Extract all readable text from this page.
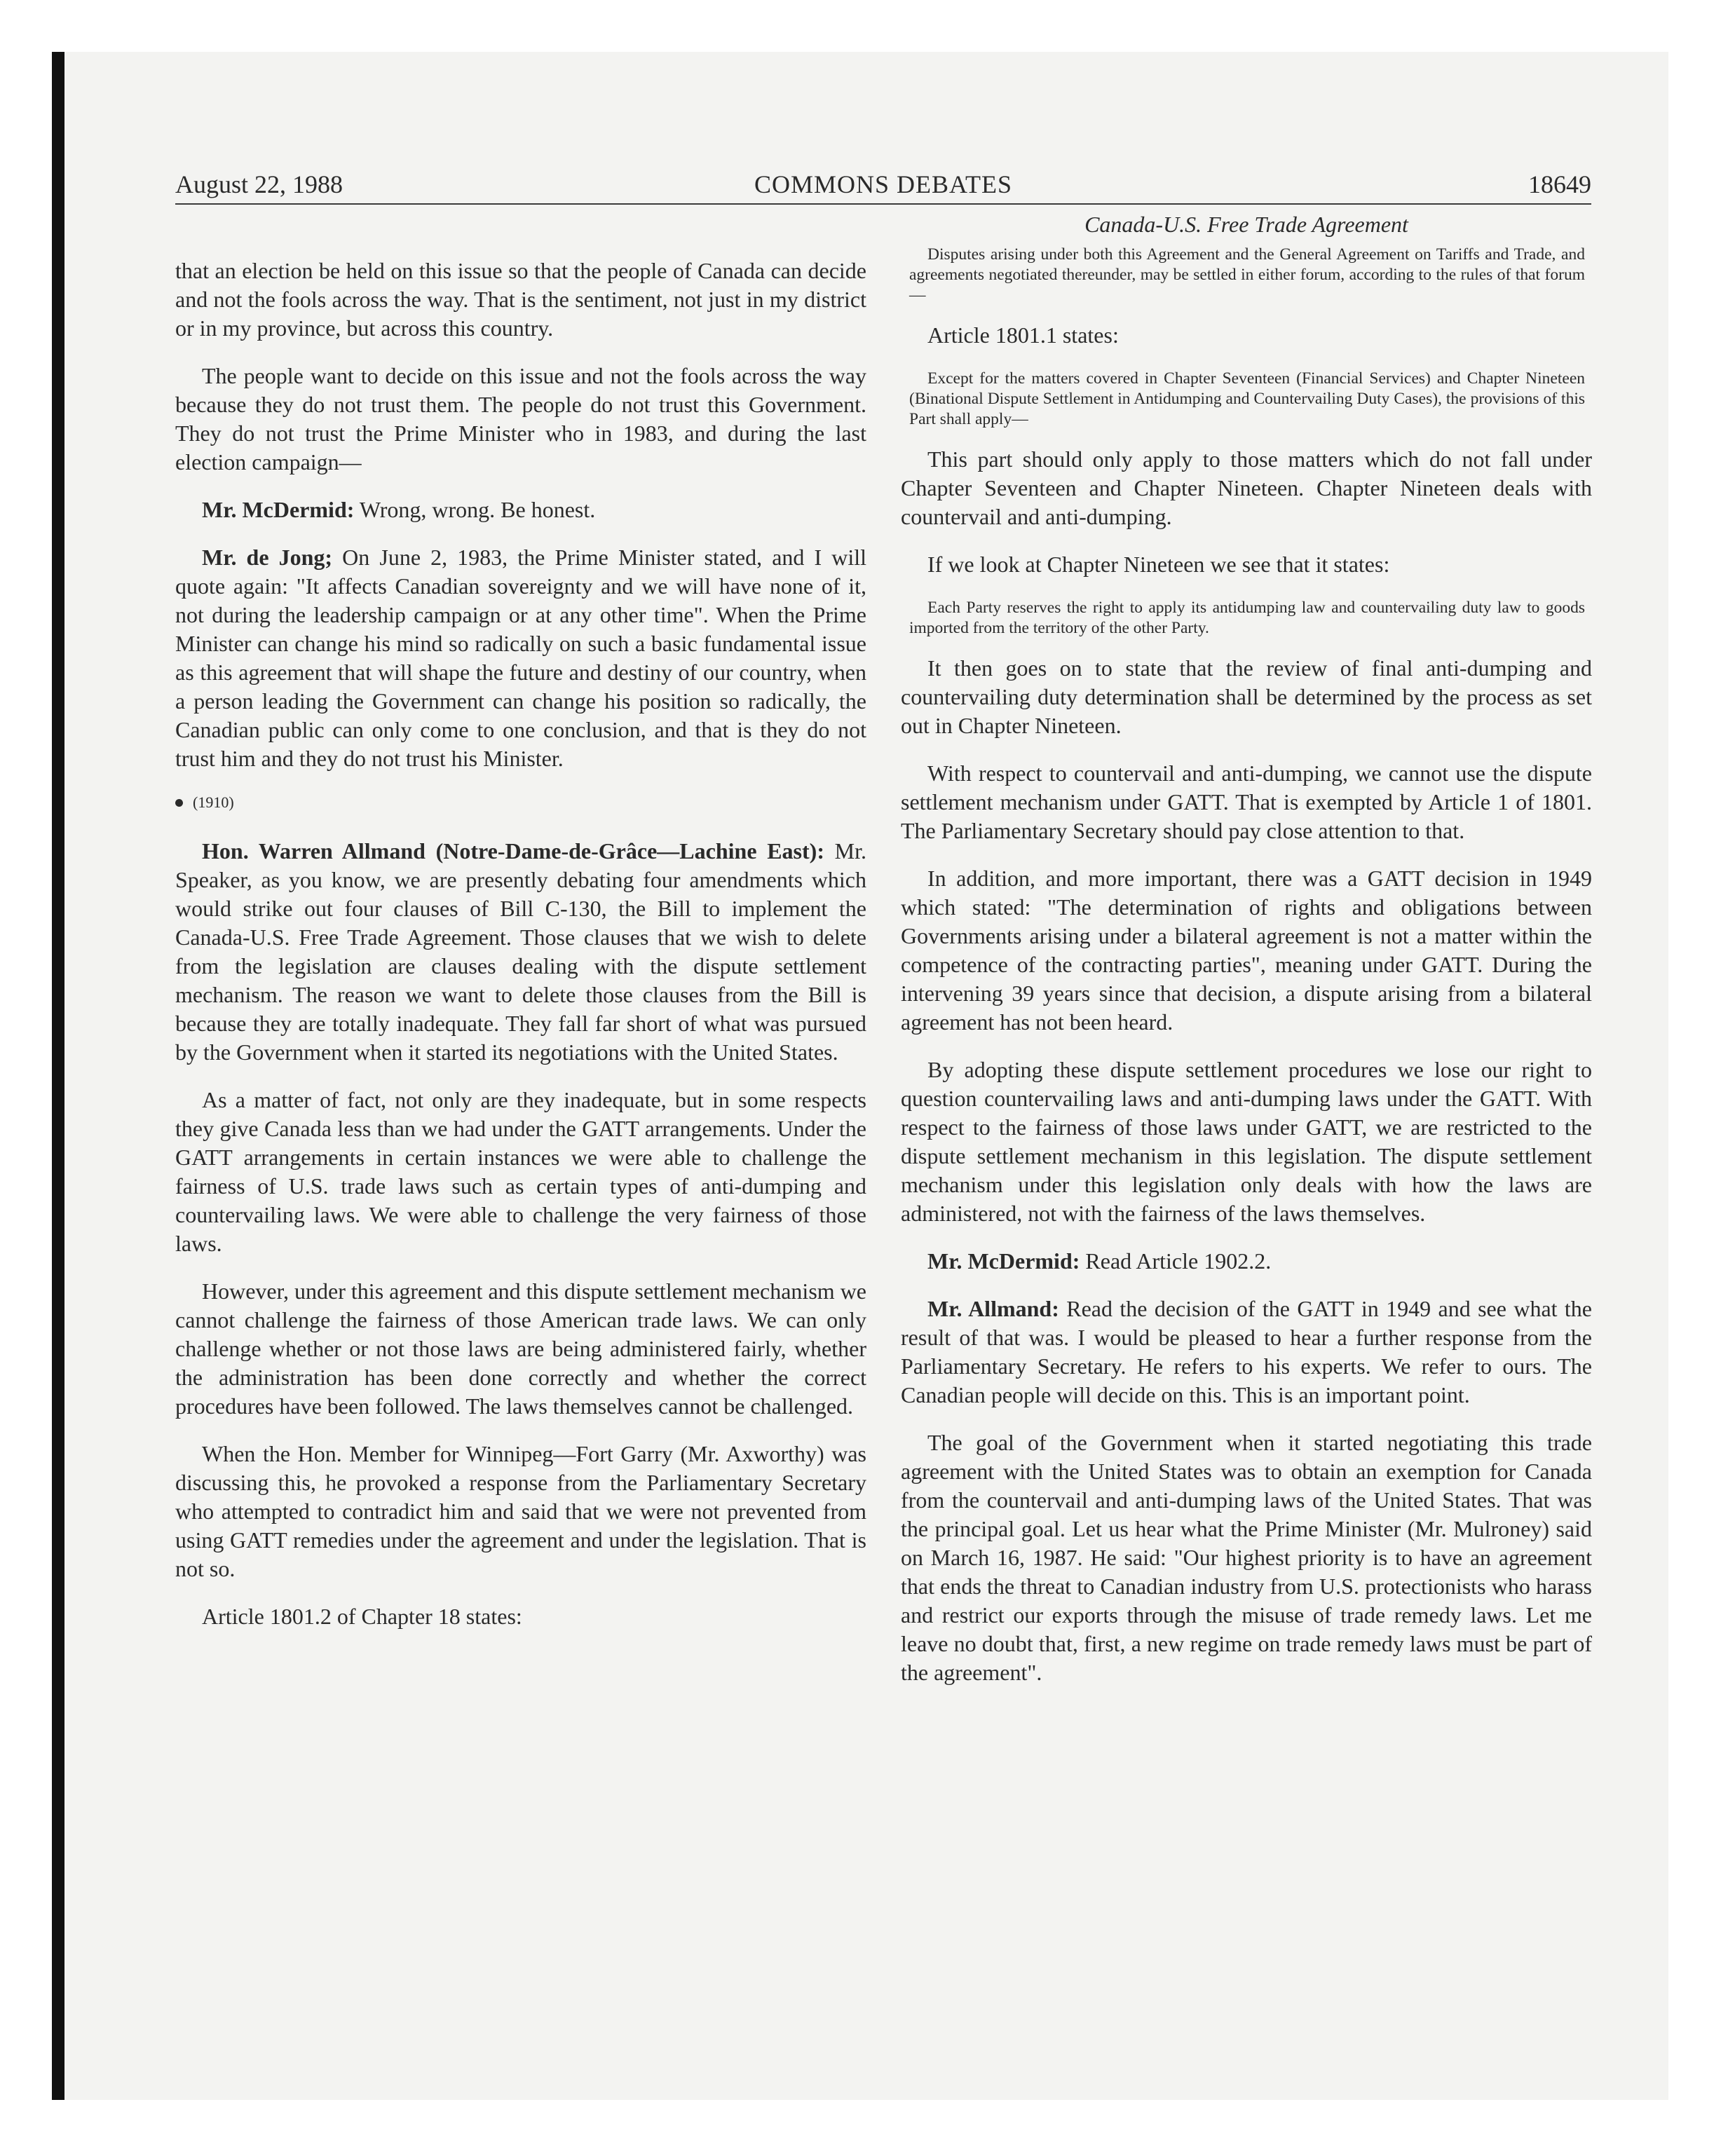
August 22, 1988	COMMONS DEBATES	18649

that an election be held on this issue so that the people of Canada can decide and not the fools across the way. That is the sentiment, not just in my district or in my province, but across this country.

The people want to decide on this issue and not the fools across the way because they do not trust them. The people do not trust this Government. They do not trust the Prime Minister who in 1983, and during the last election campaign—

Mr. McDermid: Wrong, wrong. Be honest.

Mr. de Jong; On June 2, 1983, the Prime Minister stated, and I will quote again: "It affects Canadian sovereignty and we will have none of it, not during the leadership campaign or at any other time". When the Prime Minister can change his mind so radically on such a basic fundamental issue as this agreement that will shape the future and destiny of our country, when a person leading the Government can change his position so radically, the Canadian public can only come to one conclusion, and that is they do not trust him and they do not trust his Minister.

(1910)

Hon. Warren Allmand (Notre-Dame-de-Grâce—Lachine East): Mr. Speaker, as you know, we are presently debating four amendments which would strike out four clauses of Bill C-130, the Bill to implement the Canada-U.S. Free Trade Agreement. Those clauses that we wish to delete from the legislation are clauses dealing with the dispute settlement mechanism. The reason we want to delete those clauses from the Bill is because they are totally inadequate. They fall far short of what was pursued by the Government when it started its negotiations with the United States.

As a matter of fact, not only are they inadequate, but in some respects they give Canada less than we had under the GATT arrangements. Under the GATT arrangements in certain instances we were able to challenge the fairness of U.S. trade laws such as certain types of anti-dumping and countervailing laws. We were able to challenge the very fairness of those laws.

However, under this agreement and this dispute settlement mechanism we cannot challenge the fairness of those American trade laws. We can only challenge whether or not those laws are being administered fairly, whether the administration has been done correctly and whether the correct procedures have been followed. The laws themselves cannot be challenged.

When the Hon. Member for Winnipeg—Fort Garry (Mr. Axworthy) was discussing this, he provoked a response from the Parliamentary Secretary who attempted to contradict him and said that we were not prevented from using GATT remedies under the agreement and under the legislation. That is not so.

Article 1801.2 of Chapter 18 states:

Canada-U.S. Free Trade Agreement

Disputes arising under both this Agreement and the General Agreement on Tariffs and Trade, and agreements negotiated thereunder, may be settled in either forum, according to the rules of that forum—

Article 1801.1 states:

Except for the matters covered in Chapter Seventeen (Financial Services) and Chapter Nineteen (Binational Dispute Settlement in Antidumping and Countervailing Duty Cases), the provisions of this Part shall apply—

This part should only apply to those matters which do not fall under Chapter Seventeen and Chapter Nineteen. Chapter Nineteen deals with countervail and anti-dumping.

If we look at Chapter Nineteen we see that it states:

Each Party reserves the right to apply its antidumping law and countervailing duty law to goods imported from the territory of the other Party.

It then goes on to state that the review of final anti-dumping and countervailing duty determination shall be determined by the process as set out in Chapter Nineteen.

With respect to countervail and anti-dumping, we cannot use the dispute settlement mechanism under GATT. That is exempted by Article 1 of 1801. The Parliamentary Secretary should pay close attention to that.

In addition, and more important, there was a GATT decision in 1949 which stated: "The determination of rights and obligations between Governments arising under a bilateral agreement is not a matter within the competence of the contracting parties", meaning under GATT. During the intervening 39 years since that decision, a dispute arising from a bilateral agreement has not been heard.

By adopting these dispute settlement procedures we lose our right to question countervailing laws and anti-dumping laws under the GATT. With respect to the fairness of those laws under GATT, we are restricted to the dispute settlement mechanism in this legislation. The dispute settlement mechanism under this legislation only deals with how the laws are administered, not with the fairness of the laws themselves.

Mr. McDermid: Read Article 1902.2.

Mr. Allmand: Read the decision of the GATT in 1949 and see what the result of that was. I would be pleased to hear a further response from the Parliamentary Secretary. He refers to his experts. We refer to ours. The Canadian people will decide on this. This is an important point.

The goal of the Government when it started negotiating this trade agreement with the United States was to obtain an exemption for Canada from the countervail and anti-dumping laws of the United States. That was the principal goal. Let us hear what the Prime Minister (Mr. Mulroney) said on March 16, 1987. He said: "Our highest priority is to have an agreement that ends the threat to Canadian industry from U.S. protectionists who harass and restrict our exports through the misuse of trade remedy laws. Let me leave no doubt that, first, a new regime on trade remedy laws must be part of the agreement".
